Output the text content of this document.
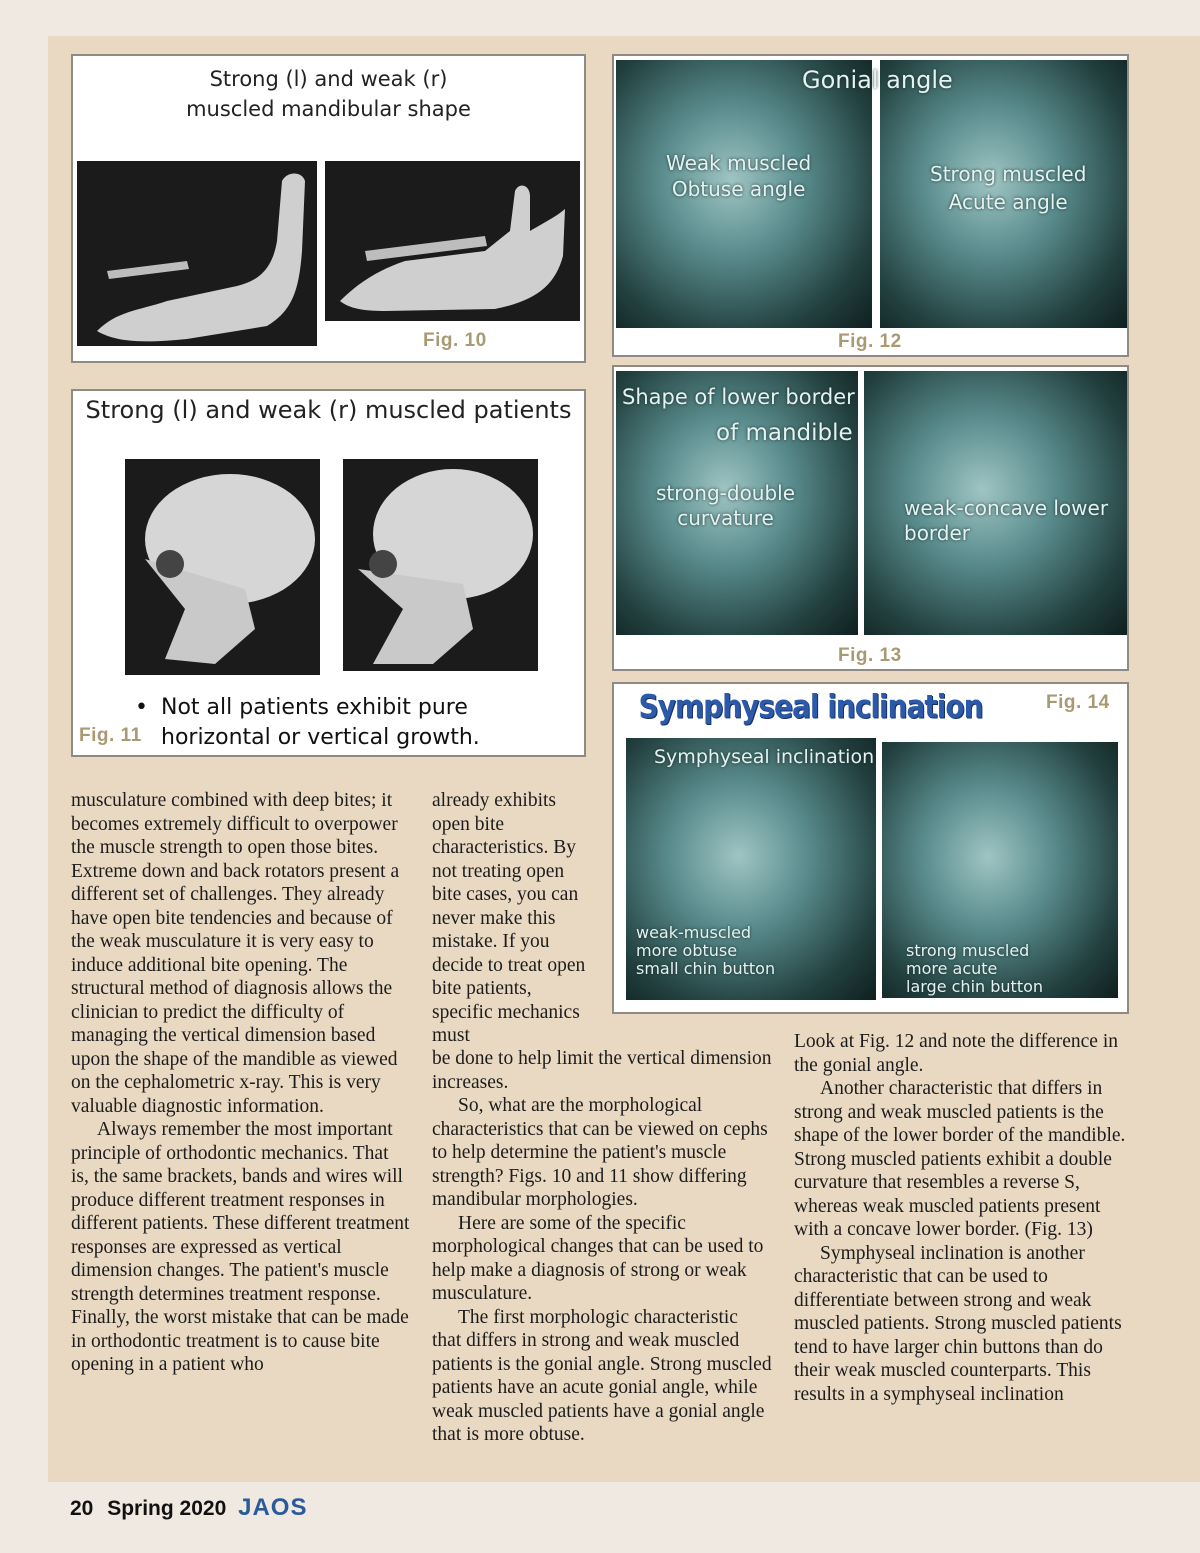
Strong (l) and weak (r)
muscled mandibular shape
Fig. 10
Strong (l) and weak (r) muscled patients
• Not all patients exhibit pure
horizontal or vertical growth.
Fig. 11
Weak muscled
Obtuse angle
Strong muscled
Acute angle
Gonial angle
Fig. 12
Shape of lower border
of mandible
strong-double
curvature	weak-concave lower
border
Fig. 13
Symphyseal inclination	Fig. 14
Symphyseal inclination
weak-muscled
more obtuse
small chin button
strong muscled
more acute
large chin button

musculature combined with deep bites; it becomes extremely difficult to overpower the muscle strength to open those bites. Extreme down and back rotators present a different set of challenges. They already have open bite tendencies and because of the weak musculature it is very easy to induce additional bite opening. The structural method of diagnosis allows the clinician to predict the difficulty of managing the vertical dimension based upon the shape of the mandible as viewed on the cephalometric x-ray. This is very valuable diagnostic information.

Always remember the most important principle of orthodontic mechanics. That is, the same brackets, bands and wires will produce different treatment responses in different patients. These different treatment responses are expressed as vertical dimension changes. The patient's muscle strength determines treatment response. Finally, the worst mistake that can be made in orthodontic treatment is to cause bite opening in a patient who

already exhibits open bite characteristics. By not treating open bite cases, you can never make this mistake. If you decide to treat open bite patients, specific mechanics must

be done to help limit the vertical dimension increases.

So, what are the morphological characteristics that can be viewed on cephs to help determine the patient's muscle strength? Figs. 10 and 11 show differing mandibular morphologies.

Here are some of the specific morphological changes that can be used to help make a diagnosis of strong or weak musculature.

The first morphologic characteristic that differs in strong and weak muscled patients is the gonial angle. Strong muscled patients have an acute gonial angle, while weak muscled patients have a gonial angle that is more obtuse.

Look at Fig. 12 and note the difference in the gonial angle.

Another characteristic that differs in strong and weak muscled patients is the shape of the lower border of the mandible. Strong muscled patients exhibit a double curvature that resembles a reverse S, whereas weak muscled patients present with a concave lower border. (Fig. 13)

Symphyseal inclination is another characteristic that can be used to differentiate between strong and weak muscled patients. Strong muscled patients tend to have larger chin buttons than do their weak muscled counterparts. This results in a symphyseal inclination

20 Spring 2020 JAOS
